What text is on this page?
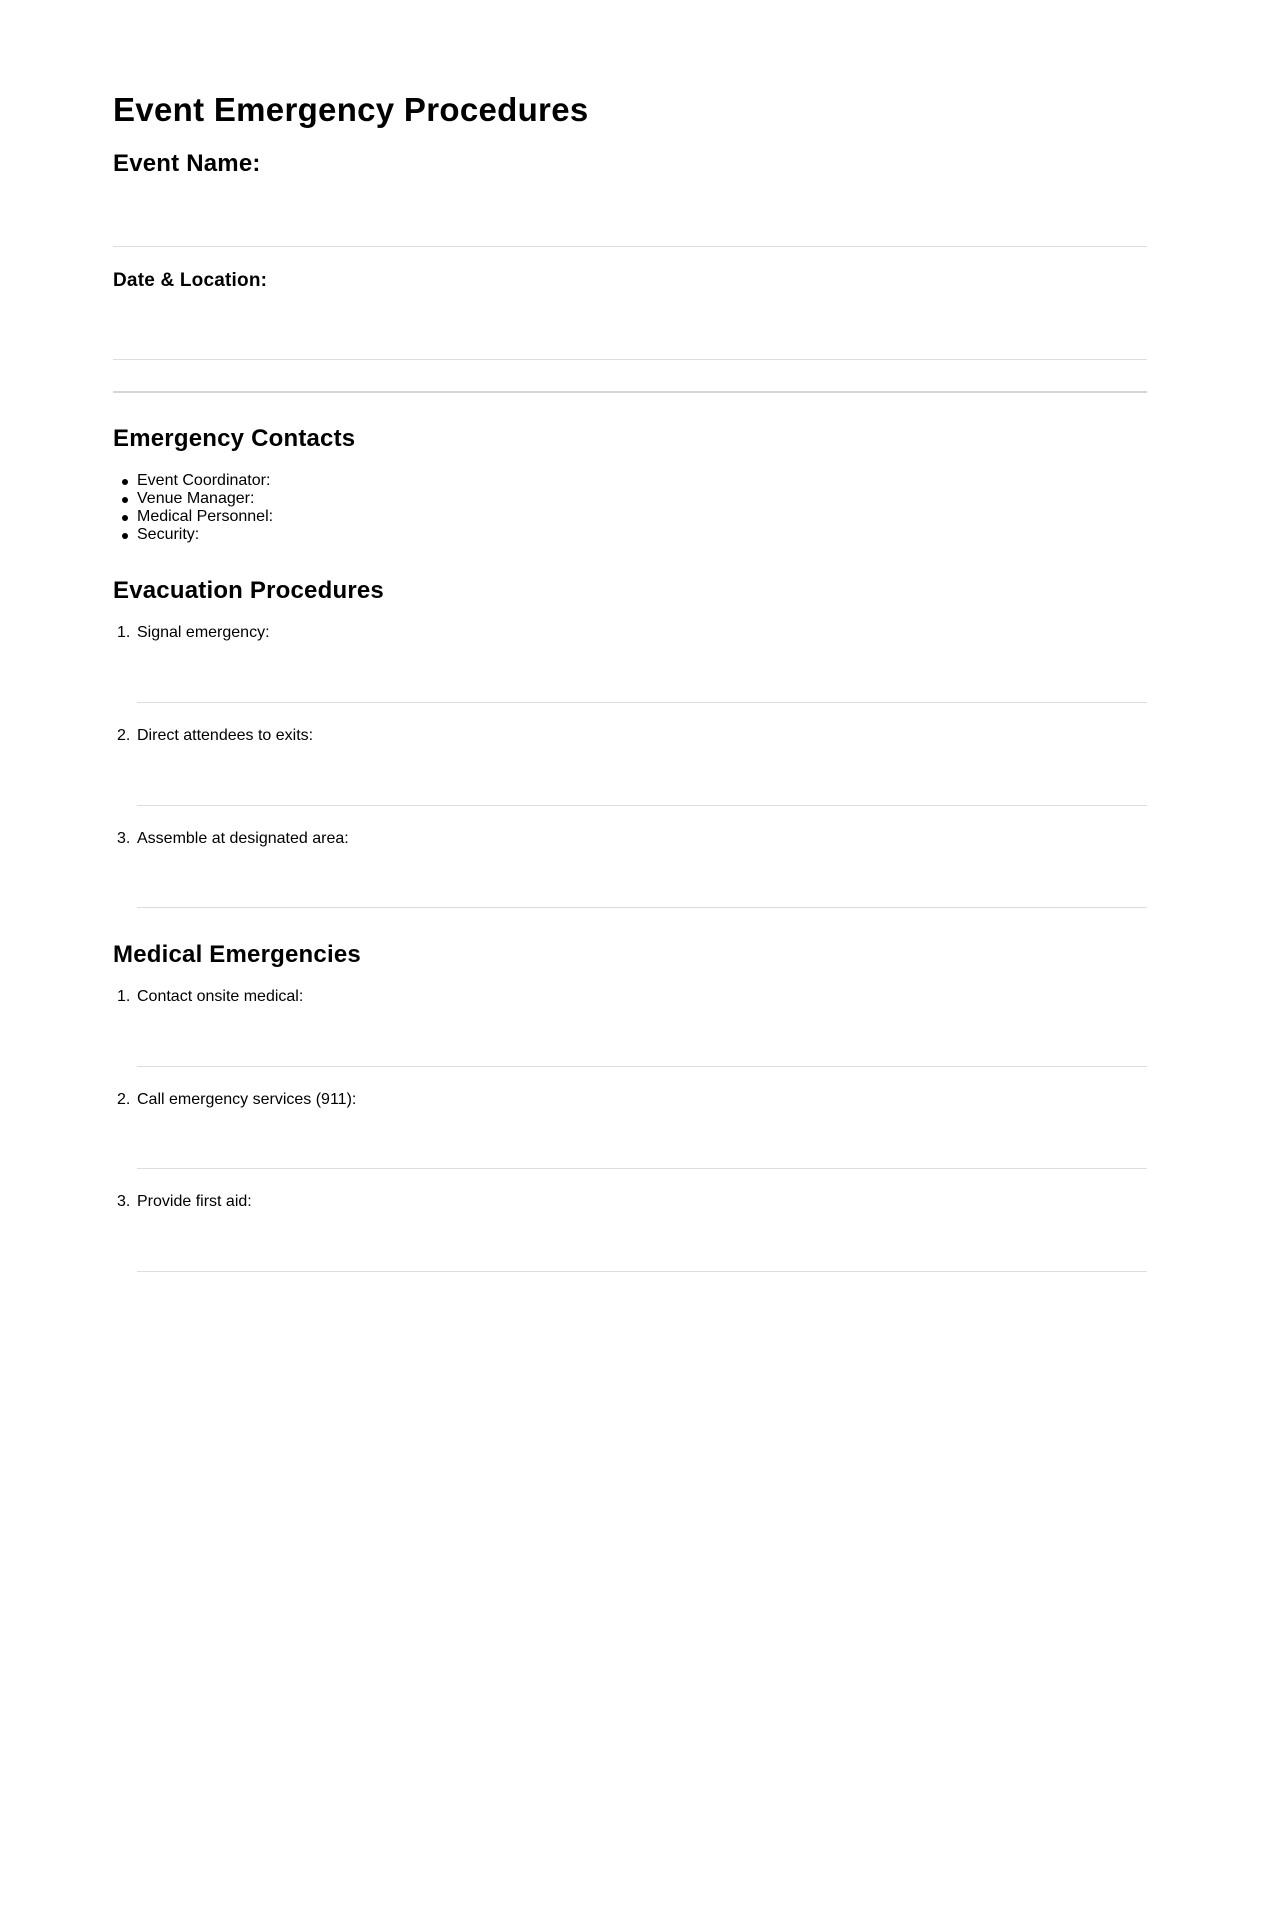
Event Emergency Procedures
Event Name:
Date & Location:
Emergency Contacts
Event Coordinator:
Venue Manager:
Medical Personnel:
Security:
Evacuation Procedures
1. Signal emergency:
2. Direct attendees to exits:
3. Assemble at designated area:
Medical Emergencies
1. Contact onsite medical:
2. Call emergency services (911):
3. Provide first aid:
